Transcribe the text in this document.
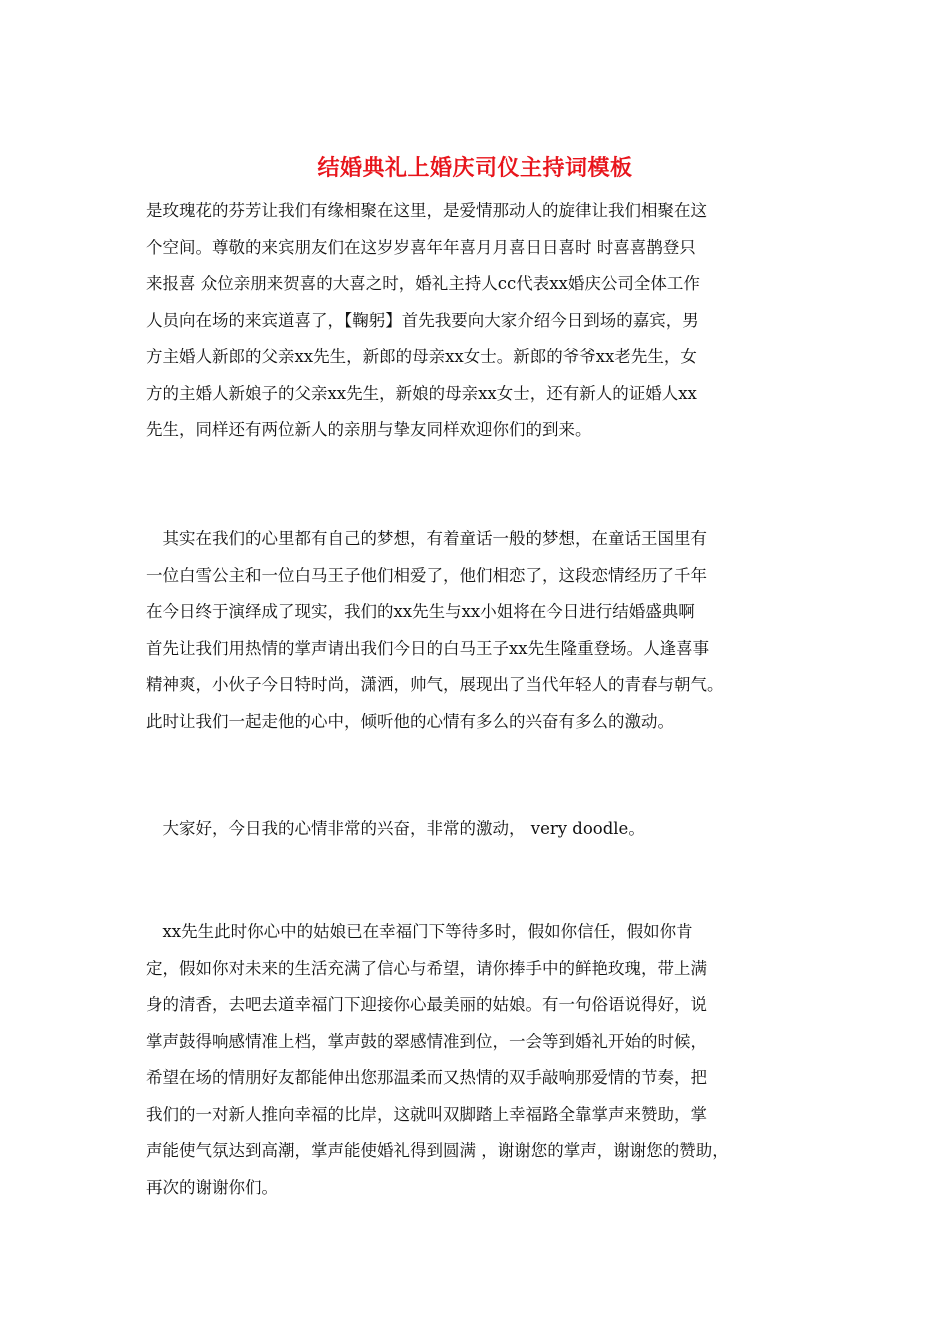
结婚典礼上婚庆司仪主持词模板
是玫瑰花的芬芳让我们有缘相聚在这里，是爱情那动人的旋律让我们相聚在这
个空间。尊敬的来宾朋友们在这岁岁喜年年喜月月喜日日喜时 时喜喜鹊登只
来报喜 众位亲朋来贺喜的大喜之时，婚礼主持人cc代表xx婚庆公司全体工作
人员向在场的来宾道喜了，【鞠躬】首先我要向大家介绍今日到场的嘉宾，男
方主婚人新郎的父亲xx先生，新郎的母亲xx女士。新郎的爷爷xx老先生，女
方的主婚人新娘子的父亲xx先生，新娘的母亲xx女士，还有新人的证婚人xx
先生，同样还有两位新人的亲朋与挚友同样欢迎你们的到来。
　其实在我们的心里都有自己的梦想，有着童话一般的梦想，在童话王国里有
一位白雪公主和一位白马王子他们相爱了，他们相恋了，这段恋情经历了千年
在今日终于演绎成了现实，我们的xx先生与xx小姐将在今日进行结婚盛典啊
首先让我们用热情的掌声请出我们今日的白马王子xx先生隆重登场。人逢喜事
精神爽，小伙子今日特时尚，潇洒，帅气，展现出了当代年轻人的青春与朝气。
此时让我们一起走他的心中，倾听他的心情有多么的兴奋有多么的激动。
　大家好，今日我的心情非常的兴奋，非常的激动， very doodle。
　xx先生此时你心中的姑娘已在幸福门下等待多时，假如你信任，假如你肯
定，假如你对未来的生活充满了信心与希望，请你捧手中的鲜艳玫瑰，带上满
身的清香，去吧去道幸福门下迎接你心最美丽的姑娘。有一句俗语说得好，说
掌声鼓得响感情准上档，掌声鼓的翠感情准到位，一会等到婚礼开始的时候，
希望在场的情朋好友都能伸出您那温柔而又热情的双手敲响那爱情的节奏，把
我们的一对新人推向幸福的比岸，这就叫双脚踏上幸福路全靠掌声来赞助，掌
声能使气氛达到高潮，掌声能使婚礼得到圆满 ，谢谢您的掌声，谢谢您的赞助，
再次的谢谢你们。
